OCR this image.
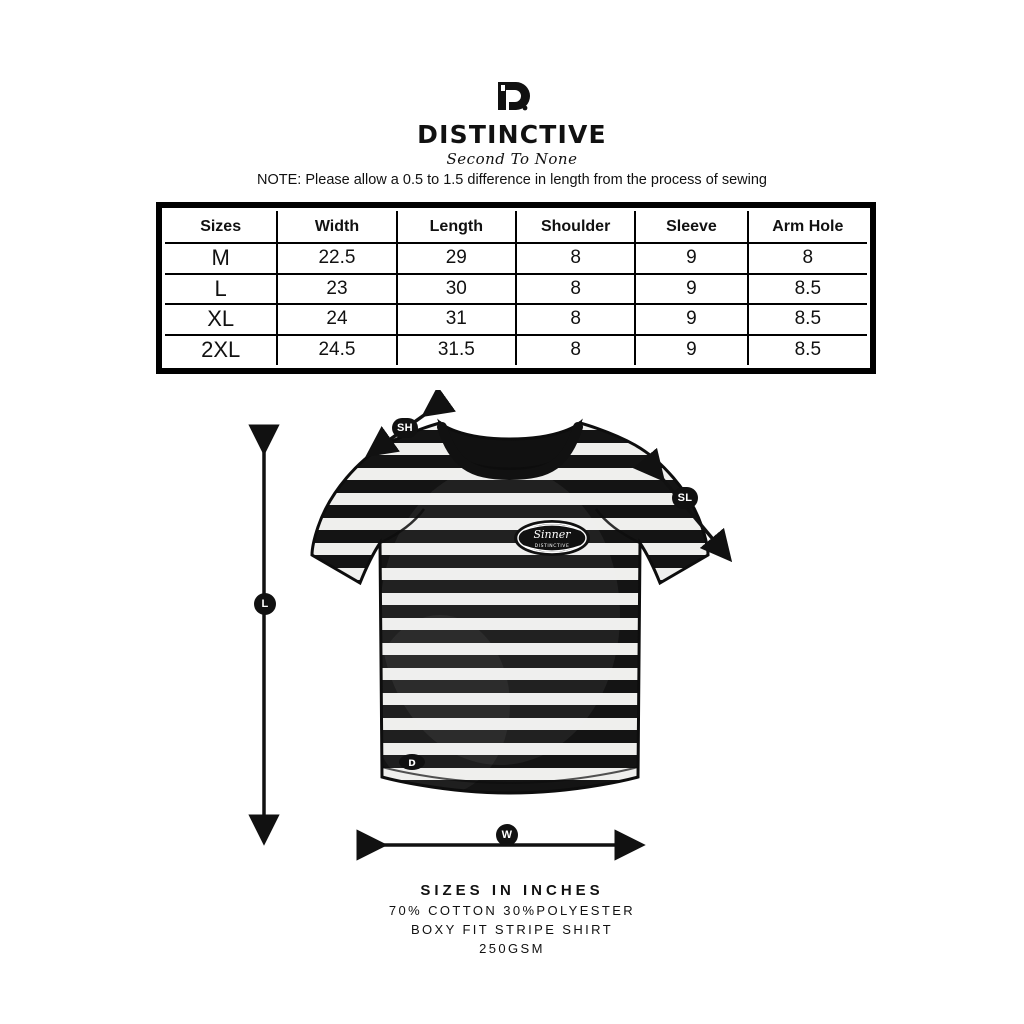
DISTINCTIVE
Second To None
NOTE: Please allow a 0.5 to 1.5 difference in length from the process of sewing
Sizes	Width	Length	Shoulder	Sleeve	Arm Hole
M	22.5	29	8	9	8
L	23	30	8	9	8.5
XL	24	31	8	9	8.5
2XL	24.5	31.5	8	9	8.5
Sinner
DISTINCTIVE
D
SH
SL
L
W
SIZES IN INCHES
70% COTTON 30%POLYESTER
BOXY FIT STRIPE SHIRT
250GSM
